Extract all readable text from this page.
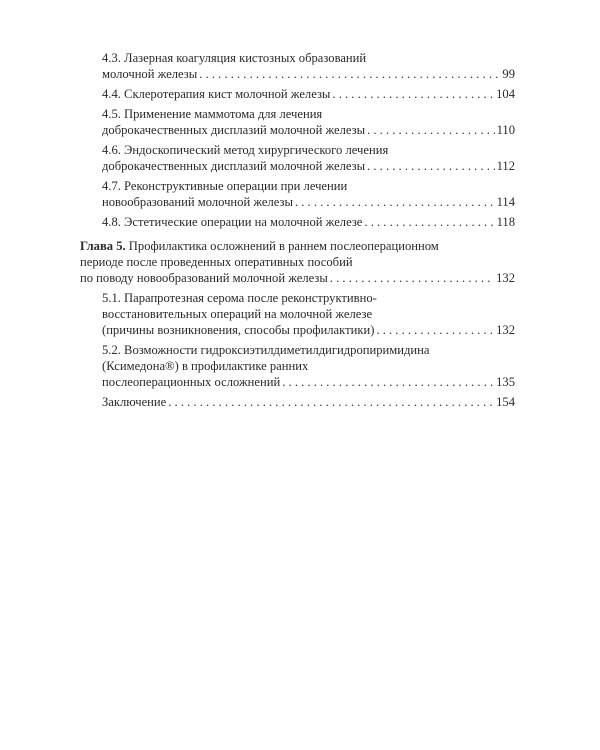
4.3. Лазерная коагуляция кистозных образований
молочной железы . . .	99
4.4. Склеротерапия кист молочной железы . . .	104
4.5. Применение маммотома для лечения
доброкачественных дисплазий молочной железы . . .	110
4.6. Эндоскопический метод хирургического лечения
доброкачественных дисплазий молочной железы . . .	112
4.7. Реконструктивные операции при лечении
новообразований молочной железы . . .	114
4.8. Эстетические операции на молочной железе . . .	118
Глава 5. Профилактика осложнений в раннем послеоперационном
периоде после проведенных оперативных пособий
по поводу новообразований молочной железы . . .	132
5.1. Парапротезная серома после реконструктивно-
восстановительных операций на молочной железе
(причины возникновения, способы профилактики) . . .	132
5.2. Возможности гидроксиэтилдиметилдигидропиримидина
(Ксимедона®) в профилактике ранних
послеоперационных осложнений . . .	135
Заключение . . .	154
